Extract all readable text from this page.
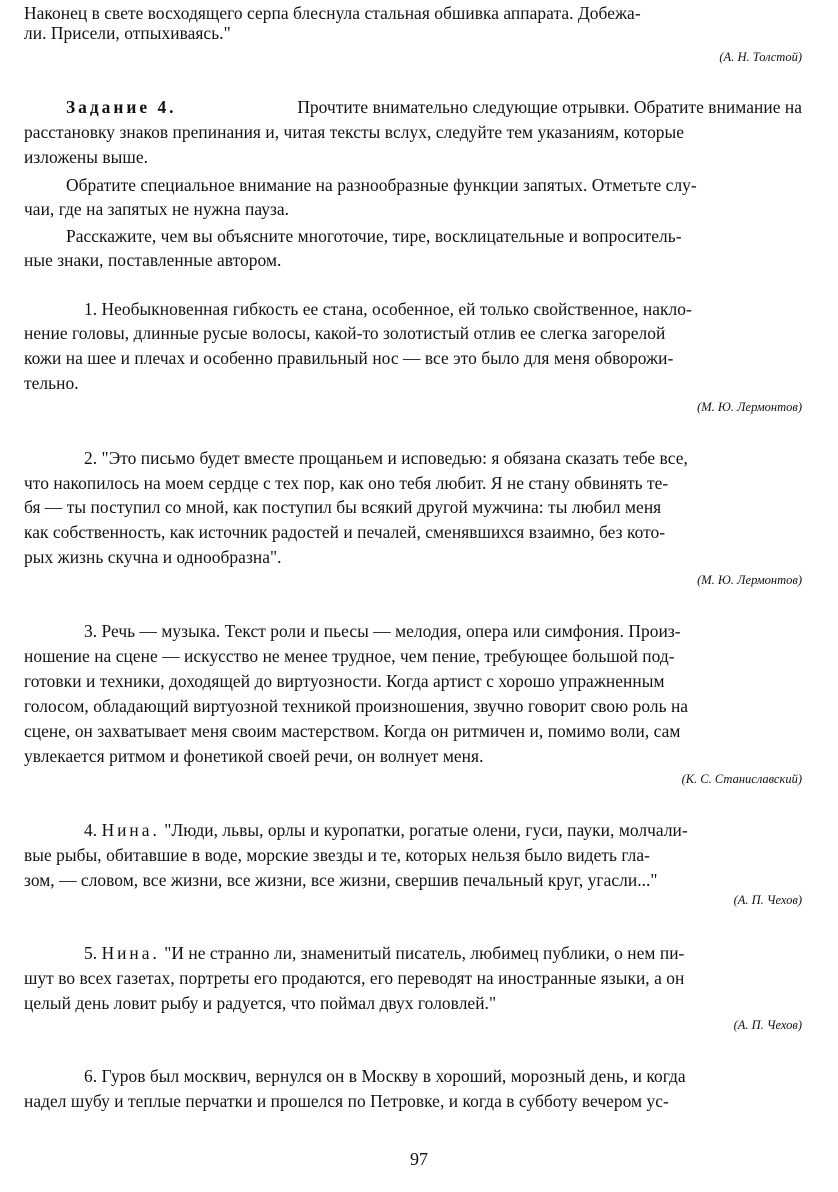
Наконец в свете восходящего серпа блеснула стальная обшивка аппарата. Добежа-
ли. Присели, отпыхиваясь."
(А. Н. Толстой)
Задание 4.	Прочтите внимательно следующие отрывки. Обратите внимание на
расстановку знаков препинания и, читая тексты вслух, следуйте тем указаниям, которые
изложены выше.
Обратите специальное внимание на разнообразные функции запятых. Отметьте слу-
чаи, где на запятых не нужна пауза.
Расскажите, чем вы объясните многоточие, тире, восклицательные и вопроситель-
ные знаки, поставленные автором.
1. Необыкновенная гибкость ее стана, особенное, ей только свойственное, накло-
нение головы, длинные русые волосы, какой-то золотистый отлив ее слегка загорелой
кожи на шее и плечах и особенно правильный нос — все это было для меня обворожи-
тельно.
(М. Ю. Лермонтов)
2. "Это письмо будет вместе прощаньем и исповедью: я обязана сказать тебе все,
что накопилось на моем сердце с тех пор, как оно тебя любит. Я не стану обвинять те-
бя — ты поступил со мной, как поступил бы всякий другой мужчина: ты любил меня
как собственность, как источник радостей и печалей, сменявшихся взаимно, без кото-
рых жизнь скучна и однообразна".
(М. Ю. Лермонтов)
3. Речь — музыка. Текст роли и пьесы — мелодия, опера или симфония. Произ-
ношение на сцене — искусство не менее трудное, чем пение, требующее большой под-
готовки и техники, доходящей до виртуозности. Когда артист с хорошо упражненным
голосом, обладающий виртуозной техникой произношения, звучно говорит свою роль на
сцене, он захватывает меня своим мастерством. Когда он ритмичен и, помимо воли, сам
увлекается ритмом и фонетикой своей речи, он волнует меня.
(К. С. Станиславский)
4. Нина. "Люди, львы, орлы и куропатки, рогатые олени, гуси, пауки, молчали-
вые рыбы, обитавшие в воде, морские звезды и те, которых нельзя было видеть гла-
зом, — словом, все жизни, все жизни, все жизни, свершив печальный круг, угасли..."
(А. П. Чехов)
5. Нина. "И не странно ли, знаменитый писатель, любимец публики, о нем пи-
шут во всех газетах, портреты его продаются, его переводят на иностранные языки, а он
целый день ловит рыбу и радуется, что поймал двух головлей."
(А. П. Чехов)
6. Гуров был москвич, вернулся он в Москву в хороший, морозный день, и когда
надел шубу и теплые перчатки и прошелся по Петровке, и когда в субботу вечером ус-
97
